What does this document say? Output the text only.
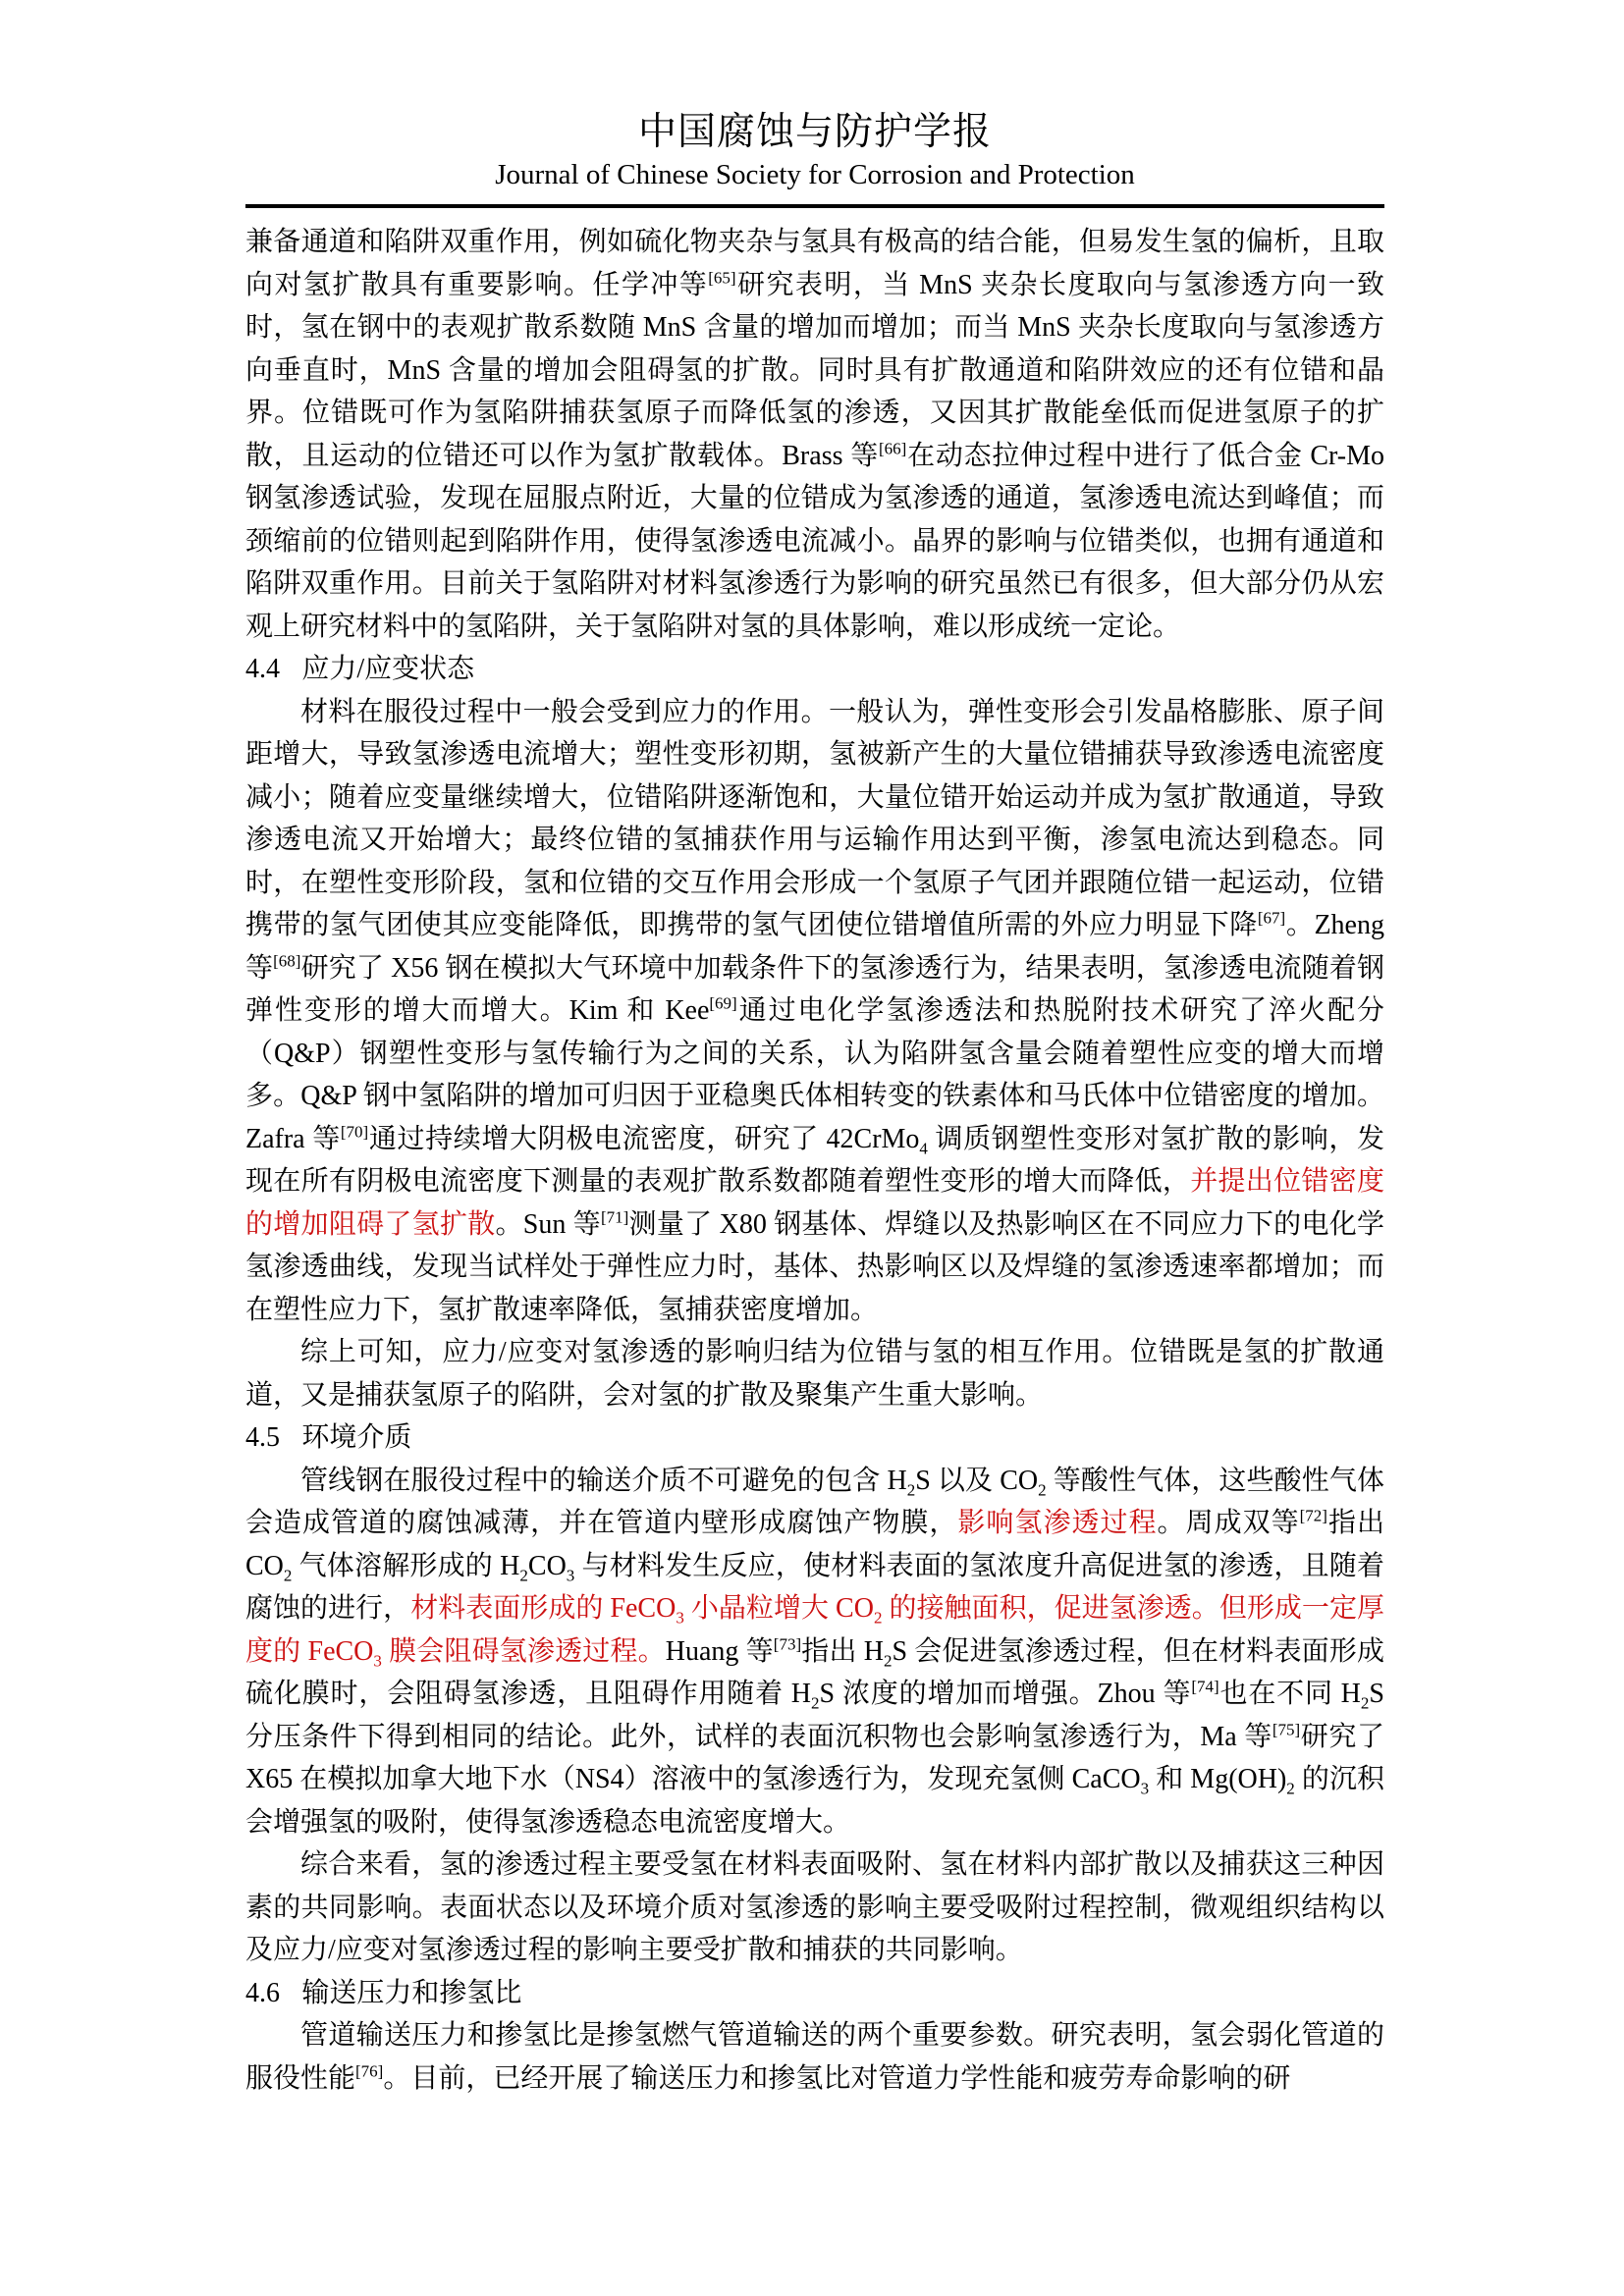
中国腐蚀与防护学报
Journal of Chinese Society for Corrosion and Protection

兼备通道和陷阱双重作用，例如硫化物夹杂与氢具有极高的结合能，但易发生氢的偏析，且取向对氢扩散具有重要影响。任学冲等[65]研究表明，当 MnS 夹杂长度取向与氢渗透方向一致时，氢在钢中的表观扩散系数随 MnS 含量的增加而增加；而当 MnS 夹杂长度取向与氢渗透方向垂直时，MnS 含量的增加会阻碍氢的扩散。同时具有扩散通道和陷阱效应的还有位错和晶界。位错既可作为氢陷阱捕获氢原子而降低氢的渗透，又因其扩散能垒低而促进氢原子的扩散，且运动的位错还可以作为氢扩散载体。Brass 等[66]在动态拉伸过程中进行了低合金 Cr-Mo 钢氢渗透试验，发现在屈服点附近，大量的位错成为氢渗透的通道，氢渗透电流达到峰值；而颈缩前的位错则起到陷阱作用，使得氢渗透电流减小。晶界的影响与位错类似，也拥有通道和陷阱双重作用。目前关于氢陷阱对材料氢渗透行为影响的研究虽然已有很多，但大部分仍从宏观上研究材料中的氢陷阱，关于氢陷阱对氢的具体影响，难以形成统一定论。

4.4 应力/应变状态

材料在服役过程中一般会受到应力的作用。一般认为，弹性变形会引发晶格膨胀、原子间距增大，导致氢渗透电流增大；塑性变形初期，氢被新产生的大量位错捕获导致渗透电流密度减小；随着应变量继续增大，位错陷阱逐渐饱和，大量位错开始运动并成为氢扩散通道，导致渗透电流又开始增大；最终位错的氢捕获作用与运输作用达到平衡，渗氢电流达到稳态。同时，在塑性变形阶段，氢和位错的交互作用会形成一个氢原子气团并跟随位错一起运动，位错携带的氢气团使其应变能降低，即携带的氢气团使位错增值所需的外应力明显下降[67]。Zheng 等[68]研究了 X56 钢在模拟大气环境中加载条件下的氢渗透行为，结果表明，氢渗透电流随着钢弹性变形的增大而增大。Kim 和 Kee[69]通过电化学氢渗透法和热脱附技术研究了淬火配分（Q&P）钢塑性变形与氢传输行为之间的关系，认为陷阱氢含量会随着塑性应变的增大而增多。Q&P 钢中氢陷阱的增加可归因于亚稳奥氏体相转变的铁素体和马氏体中位错密度的增加。Zafra 等[70]通过持续增大阴极电流密度，研究了 42CrMo$_4$ 调质钢塑性变形对氢扩散的影响，发现在所有阴极电流密度下测量的表观扩散系数都随着塑性变形的增大而降低，并提出位错密度的增加阻碍了氢扩散。Sun 等[71]测量了 X80 钢基体、焊缝以及热影响区在不同应力下的电化学氢渗透曲线，发现当试样处于弹性应力时，基体、热影响区以及焊缝的氢渗透速率都增加；而在塑性应力下，氢扩散速率降低，氢捕获密度增加。

综上可知，应力/应变对氢渗透的影响归结为位错与氢的相互作用。位错既是氢的扩散通道，又是捕获氢原子的陷阱，会对氢的扩散及聚集产生重大影响。

4.5 环境介质

管线钢在服役过程中的输送介质不可避免的包含 $H_2S$ 以及 $CO_2$ 等酸性气体，这些酸性气体会造成管道的腐蚀减薄，并在管道内壁形成腐蚀产物膜，影响氢渗透过程。周成双等[72]指出 $CO_2$ 气体溶解形成的 $H_2CO_3$ 与材料发生反应，使材料表面的氢浓度升高促进氢的渗透，且随着腐蚀的进行，材料表面形成的 FeCO$_3$ 小晶粒增大 $CO_2$ 的接触面积，促进氢渗透。但形成一定厚度的 FeCO$_3$ 膜会阻碍氢渗透过程。Huang 等[73]指出 $H_2S$ 会促进氢渗透过程，但在材料表面形成硫化膜时，会阻碍氢渗透，且阻碍作用随着 $H_2S$ 浓度的增加而增强。Zhou 等[74]也在不同 $H_2S$ 分压条件下得到相同的结论。此外，试样的表面沉积物也会影响氢渗透行为，Ma 等[75]研究了 X65 在模拟加拿大地下水（NS4）溶液中的氢渗透行为，发现充氢侧 CaCO$_3$ 和 $Mg(OH)_2$ 的沉积会增强氢的吸附，使得氢渗透稳态电流密度增大。

综合来看，氢的渗透过程主要受氢在材料表面吸附、氢在材料内部扩散以及捕获这三种因素的共同影响。表面状态以及环境介质对氢渗透的影响主要受吸附过程控制，微观组织结构以及应力/应变对氢渗透过程的影响主要受扩散和捕获的共同影响。

4.6 输送压力和掺氢比

管道输送压力和掺氢比是掺氢燃气管道输送的两个重要参数。研究表明，氢会弱化管道的服役性能[76]。目前，已经开展了输送压力和掺氢比对管道力学性能和疲劳寿命影响的研
